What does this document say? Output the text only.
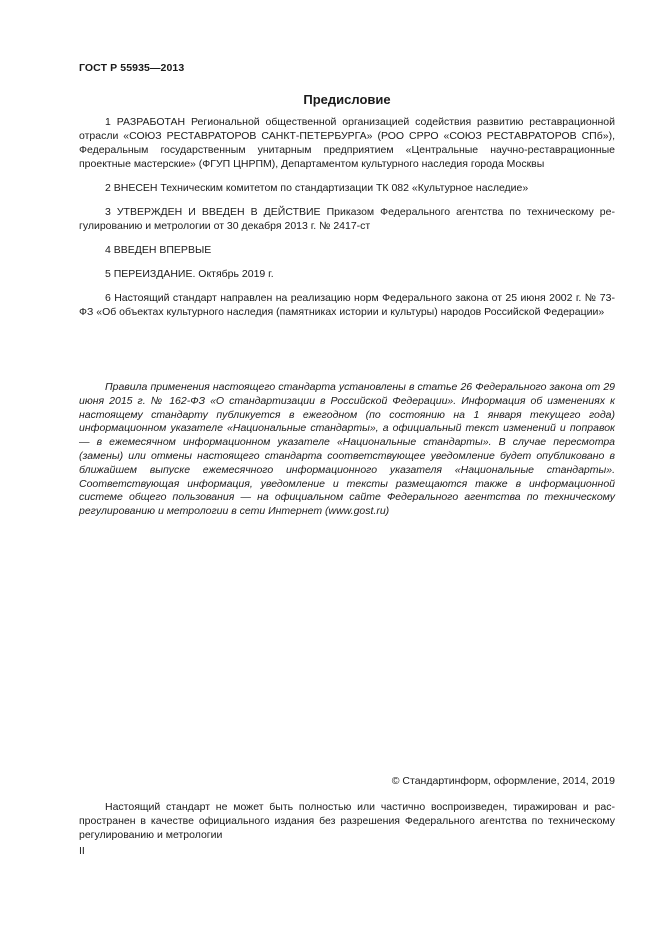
ГОСТ Р 55935—2013
Предисловие

1 РАЗРАБОТАН Региональной общественной организацией содействия развитию реставрационной отрасли «СОЮЗ РЕСТАВРАТОРОВ САНКТ-ПЕТЕРБУРГА» (РОО СРРО «СОЮЗ РЕСТАВРАТОРОВ СПб»), Федеральным государственным унитарным предприятием «Центральные научно-реставрационные проектные мастерские» (ФГУП ЦНРПМ), Департаментом культурного наследия города Москвы

2 ВНЕСЕН Техническим комитетом по стандартизации ТК 082 «Культурное наследие»

3 УТВЕРЖДЕН И ВВЕДЕН В ДЕЙСТВИЕ Приказом Федерального агентства по техническому регулированию и метрологии от 30 декабря 2013 г. № 2417-ст

4 ВВЕДЕН ВПЕРВЫЕ

5 ПЕРЕИЗДАНИЕ. Октябрь 2019 г.

6 Настоящий стандарт направлен на реализацию норм Федерального закона от 25 июня 2002 г. № 73-ФЗ «Об объектах культурного наследия (памятниках истории и культуры) народов Российской Федерации»

Правила применения настоящего стандарта установлены в статье 26 Федерального закона от 29 июня 2015 г. № 162-ФЗ «О стандартизации в Российской Федерации». Информация об изменениях к настоящему стандарту публикуется в ежегодном (по состоянию на 1 января текущего года) информационном указателе «Национальные стандарты», а официальный текст изменений и поправок — в ежемесячном информационном указателе «Национальные стандарты». В случае пересмотра (замены) или отмены настоящего стандарта соответствующее уведомление будет опубликовано в ближайшем выпуске ежемесячного информационного указателя «Национальные стандарты». Соответствующая информация, уведомление и тексты размещаются также в информационной системе общего пользования — на официальном сайте Федерального агентства по техническому регулированию и метрологии в сети Интернет (www.gost.ru)

© Стандартинформ, оформление, 2014, 2019

Настоящий стандарт не может быть полностью или частично воспроизведен, тиражирован и распространен в качестве официального издания без разрешения Федерального агентства по техническому регулированию и метрологии

II
